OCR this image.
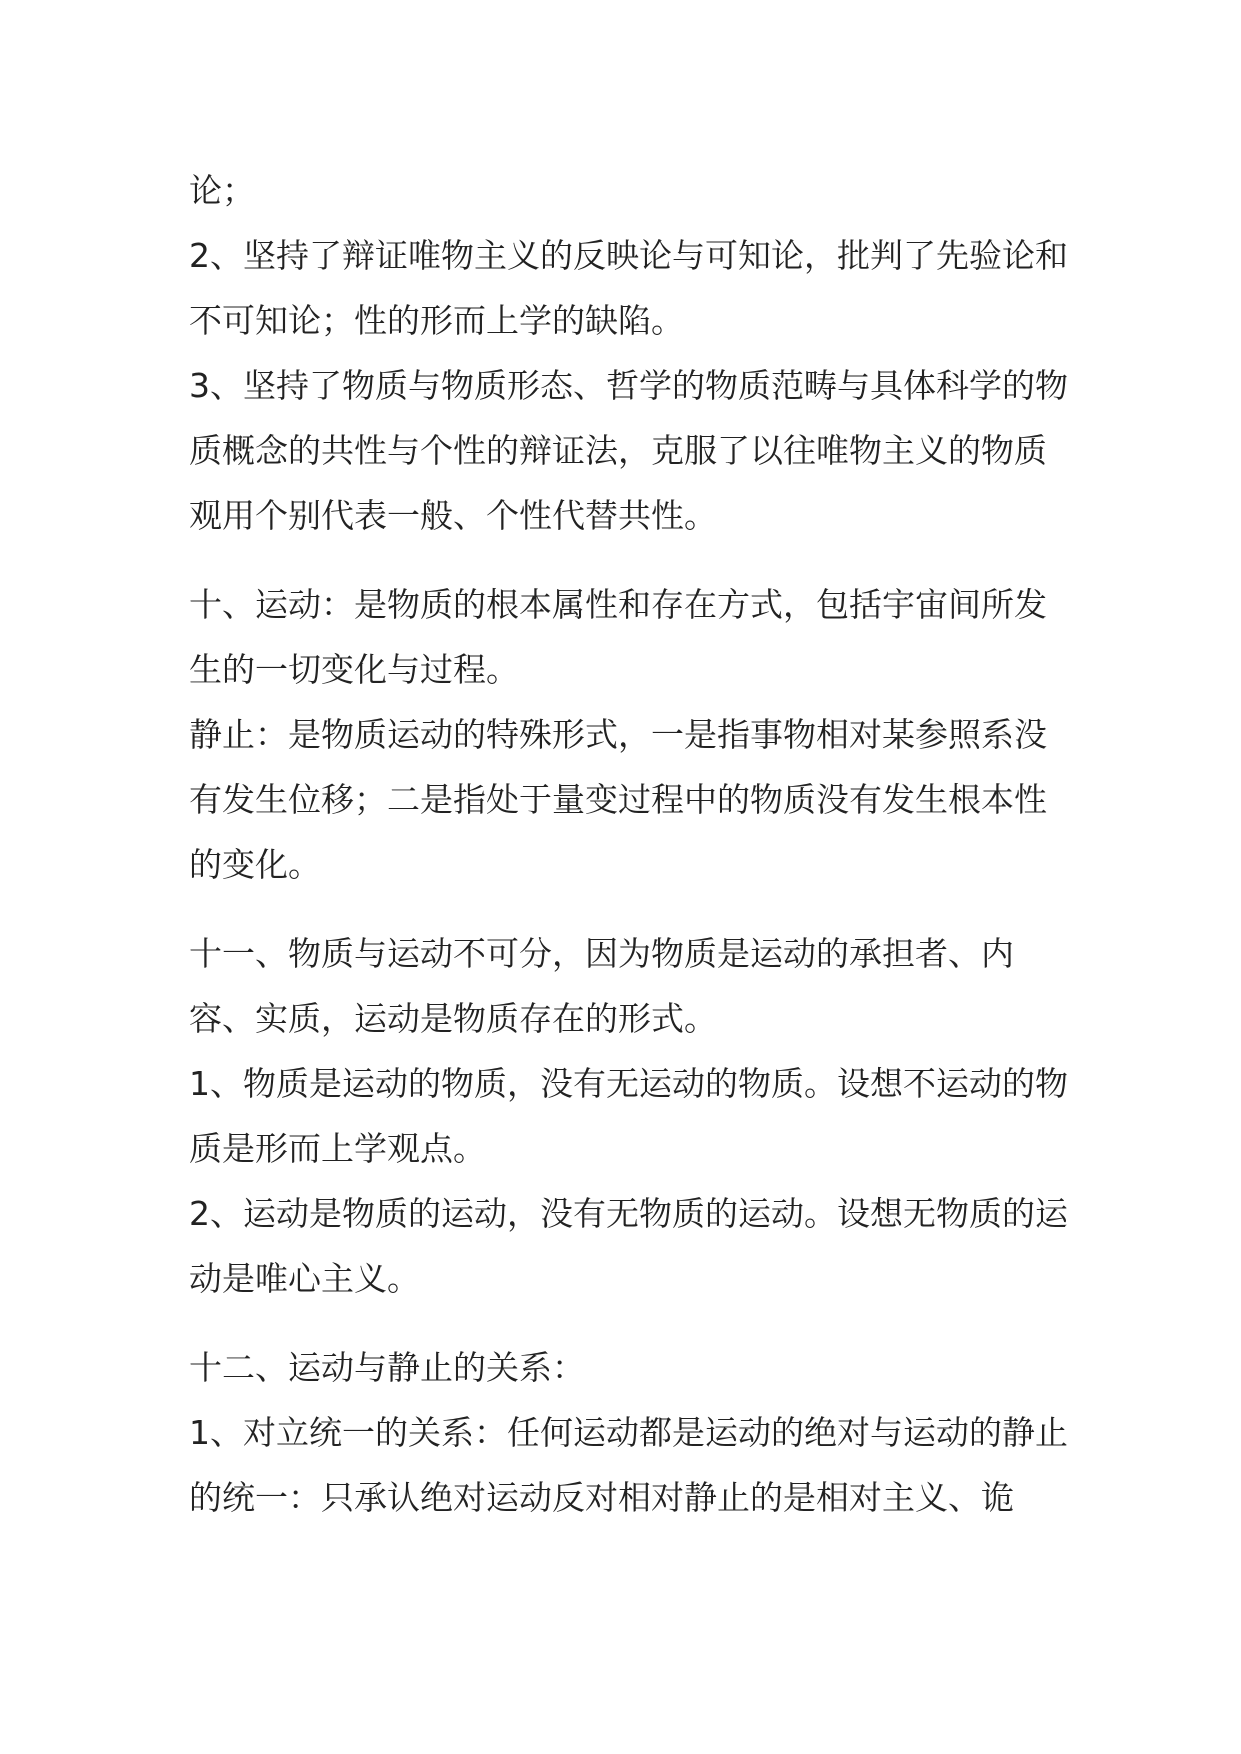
论；

2、坚持了辩证唯物主义的反映论与可知论，批判了先验论和不可知论；性的形而上学的缺陷。

3、坚持了物质与物质形态、哲学的物质范畴与具体科学的物质概念的共性与个性的辩证法，克服了以往唯物主义的物质观用个别代表一般、个性代替共性。

十、运动：是物质的根本属性和存在方式，包括宇宙间所发生的一切变化与过程。

静止：是物质运动的特殊形式，一是指事物相对某参照系没有发生位移；二是指处于量变过程中的物质没有发生根本性的变化。

十一、物质与运动不可分，因为物质是运动的承担者、内容、实质，运动是物质存在的形式。

1、物质是运动的物质，没有无运动的物质。设想不运动的物质是形而上学观点。

2、运动是物质的运动，没有无物质的运动。设想无物质的运动是唯心主义。

十二、运动与静止的关系：

1、对立统一的关系：任何运动都是运动的绝对与运动的静止的统一：只承认绝对运动反对相对静止的是相对主义、诡
